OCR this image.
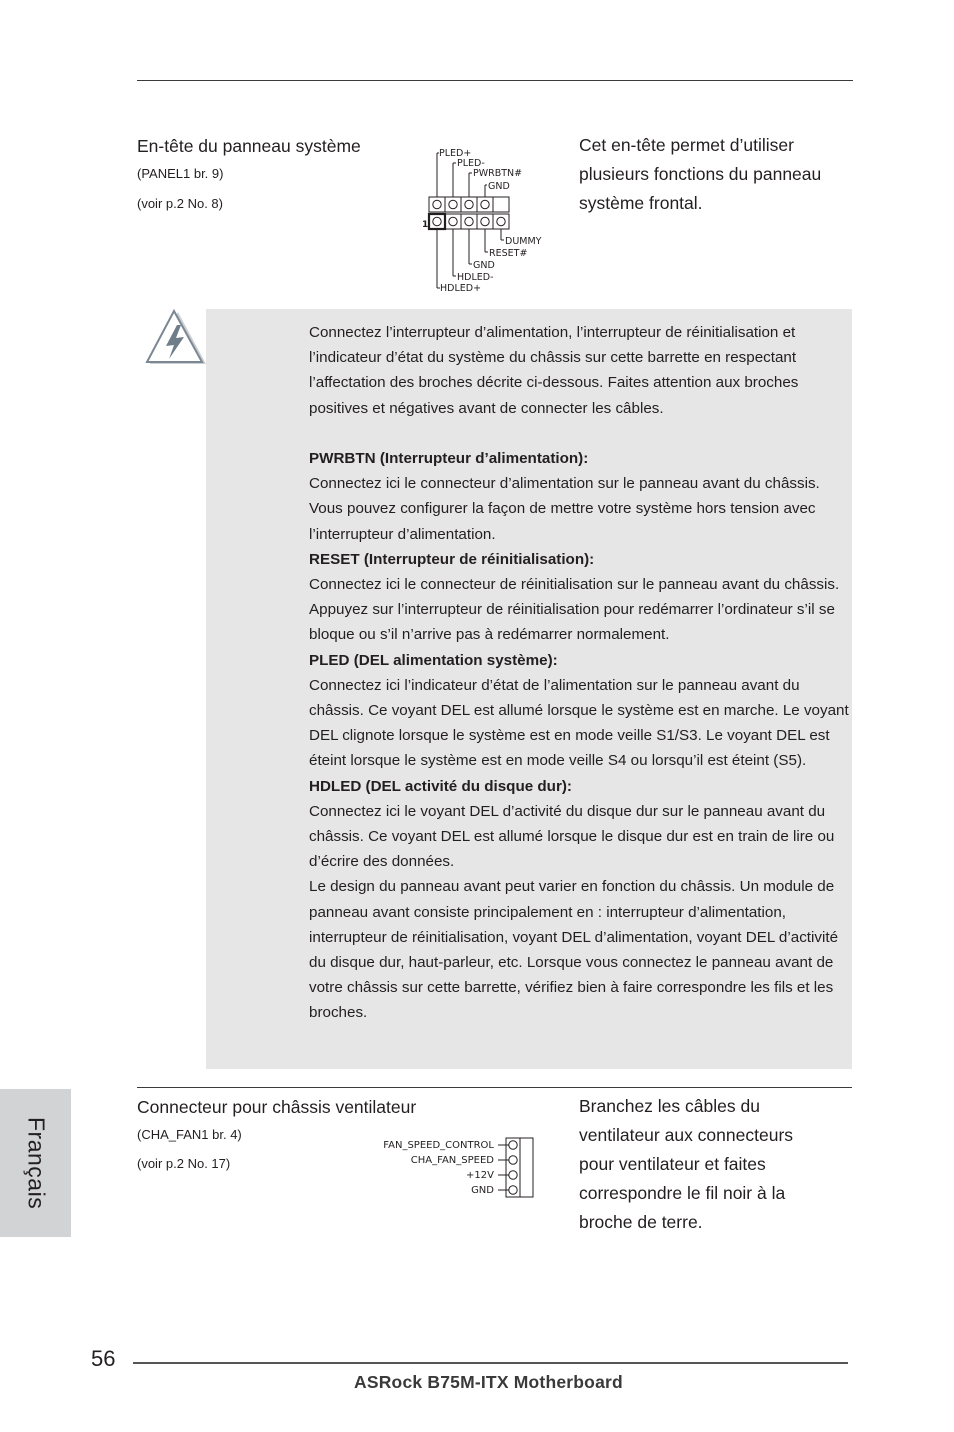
En-tête du panneau système
(PANEL1 br. 9)
(voir p.2 No. 8)
Cet en-tête permet d’utiliser
plusieurs fonctions du panneau
système frontal.
1
PLED+
PLED-
PWRBTN#
GND
DUMMY
RESET#
GND
HDLED-
HDLED+

Connectez l’interrupteur d’alimentation, l’interrupteur de réinitialisation et l’indicateur d’état du système du châssis sur cette barrette en respectant l’affectation des broches décrite ci-dessous. Faites attention aux broches positives et négatives avant de connecter les câbles.

PWRBTN (Interrupteur d’alimentation):

Connectez ici le connecteur d’alimentation sur le panneau avant du châssis. Vous pouvez configurer la façon de mettre votre système hors tension avec l’interrupteur d’alimentation.

RESET (Interrupteur de réinitialisation):

Connectez ici le connecteur de réinitialisation sur le panneau avant du châssis. Appuyez sur l’interrupteur de réinitialisation pour redémarrer l’ordinateur s’il se bloque ou s’il n’arrive pas à redémarrer normalement.

PLED (DEL alimentation système):

Connectez ici l’indicateur d’état de l’alimentation sur le panneau avant du châssis. Ce voyant DEL est allumé lorsque le système est en marche. Le voyant DEL clignote lorsque le système est en mode veille S1/S3. Le voyant DEL est éteint lorsque le système est en mode veille S4 ou lorsqu’il est éteint (S5).

HDLED (DEL activité du disque dur):

Connectez ici le voyant DEL d’activité du disque dur sur le panneau avant du châssis. Ce voyant DEL est allumé lorsque le disque dur est en train de lire ou d’écrire des données.

Le design du panneau avant peut varier en fonction du châssis. Un module de panneau avant consiste principalement en : interrupteur d’alimentation, interrupteur de réinitialisation, voyant DEL d’alimentation, voyant DEL d’activité du disque dur, haut-parleur, etc. Lorsque vous connectez le panneau avant de votre châssis sur cette barrette, vérifiez bien à faire correspondre les fils et les broches.

Connecteur pour châssis ventilateur
(CHA_FAN1 br. 4)
(voir p.2 No. 17)
Branchez les câbles du
ventilateur aux connecteurs
pour ventilateur et faites
correspondre le fil noir à la
broche de terre.
FAN_SPEED_CONTROL
CHA_FAN_SPEED
+12V
GND
Français
56
ASRock B75M-ITX Motherboard
